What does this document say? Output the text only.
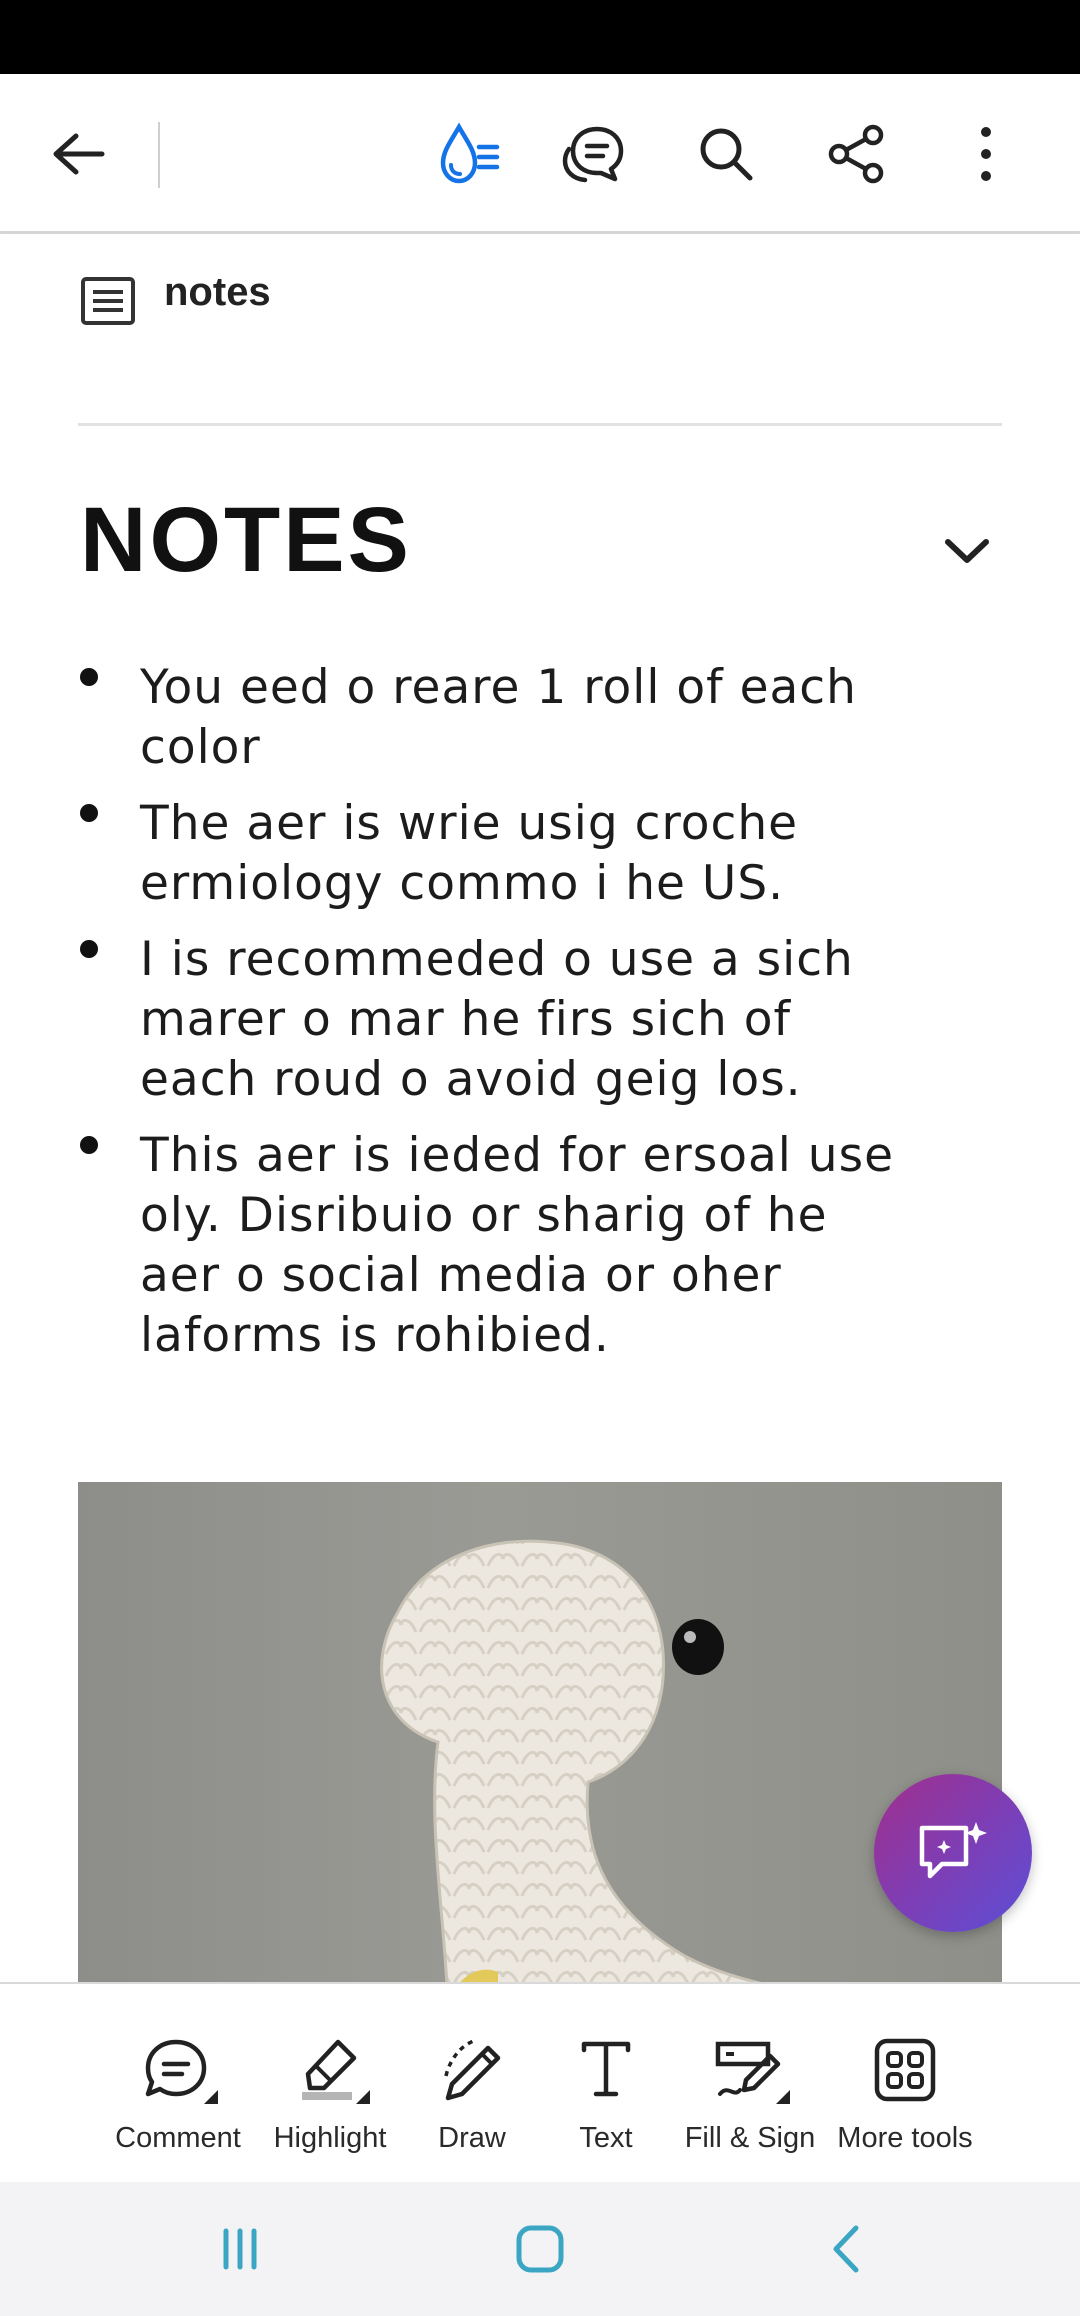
notes
NOTES
You eed o reare 1 roll of each color
The aer is wrie usig croche ermiology commo i he US.
I is recommeded o use a sich marer o mar he firs sich of each roud o avoid geig los.
This aer is ieded for ersoal use oly. Disribuio or sharig of he aer o social media or oher laforms is rohibied.
Comment Highlight Draw	Text Fill & Sign More tools
